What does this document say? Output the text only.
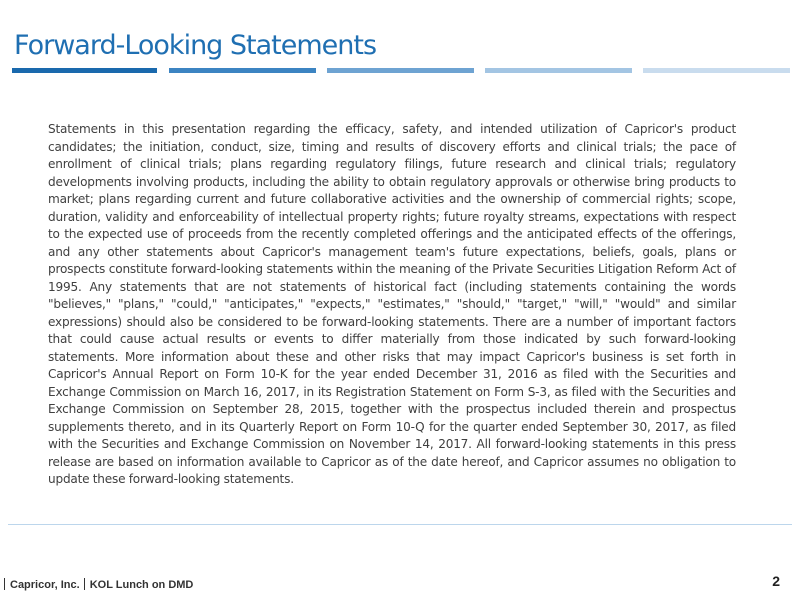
Forward-Looking Statements
Statements in this presentation regarding the efficacy, safety, and intended utilization of Capricor's product candidates; the initiation, conduct, size, timing and results of discovery efforts and clinical trials; the pace of enrollment of clinical trials; plans regarding regulatory filings, future research and clinical trials; regulatory developments involving products, including the ability to obtain regulatory approvals or otherwise bring products to market; plans regarding current and future collaborative activities and the ownership of commercial rights; scope, duration, validity and enforceability of intellectual property rights; future royalty streams, expectations with respect to the expected use of proceeds from the recently completed offerings and the anticipated effects of the offerings, and any other statements about Capricor's management team's future expectations, beliefs, goals, plans or prospects constitute forward-looking statements within the meaning of the Private Securities Litigation Reform Act of 1995. Any statements that are not statements of historical fact (including statements containing the words "believes," "plans," "could," "anticipates," "expects," "estimates," "should," "target," "will," "would" and similar expressions) should also be considered to be forward-looking statements. There are a number of important factors that could cause actual results or events to differ materially from those indicated by such forward-looking statements. More information about these and other risks that may impact Capricor's business is set forth in Capricor's Annual Report on Form 10-K for the year ended December 31, 2016 as filed with the Securities and Exchange Commission on March 16, 2017, in its Registration Statement on Form S-3, as filed with the Securities and Exchange Commission on September 28, 2015, together with the prospectus included therein and prospectus supplements thereto, and in its Quarterly Report on Form 10-Q for the quarter ended September 30, 2017, as filed with the Securities and Exchange Commission on November 14, 2017. All forward-looking statements in this press release are based on information available to Capricor as of the date hereof, and Capricor assumes no obligation to update these forward-looking statements.
Capricor, Inc. KOL Lunch on DMD	2
